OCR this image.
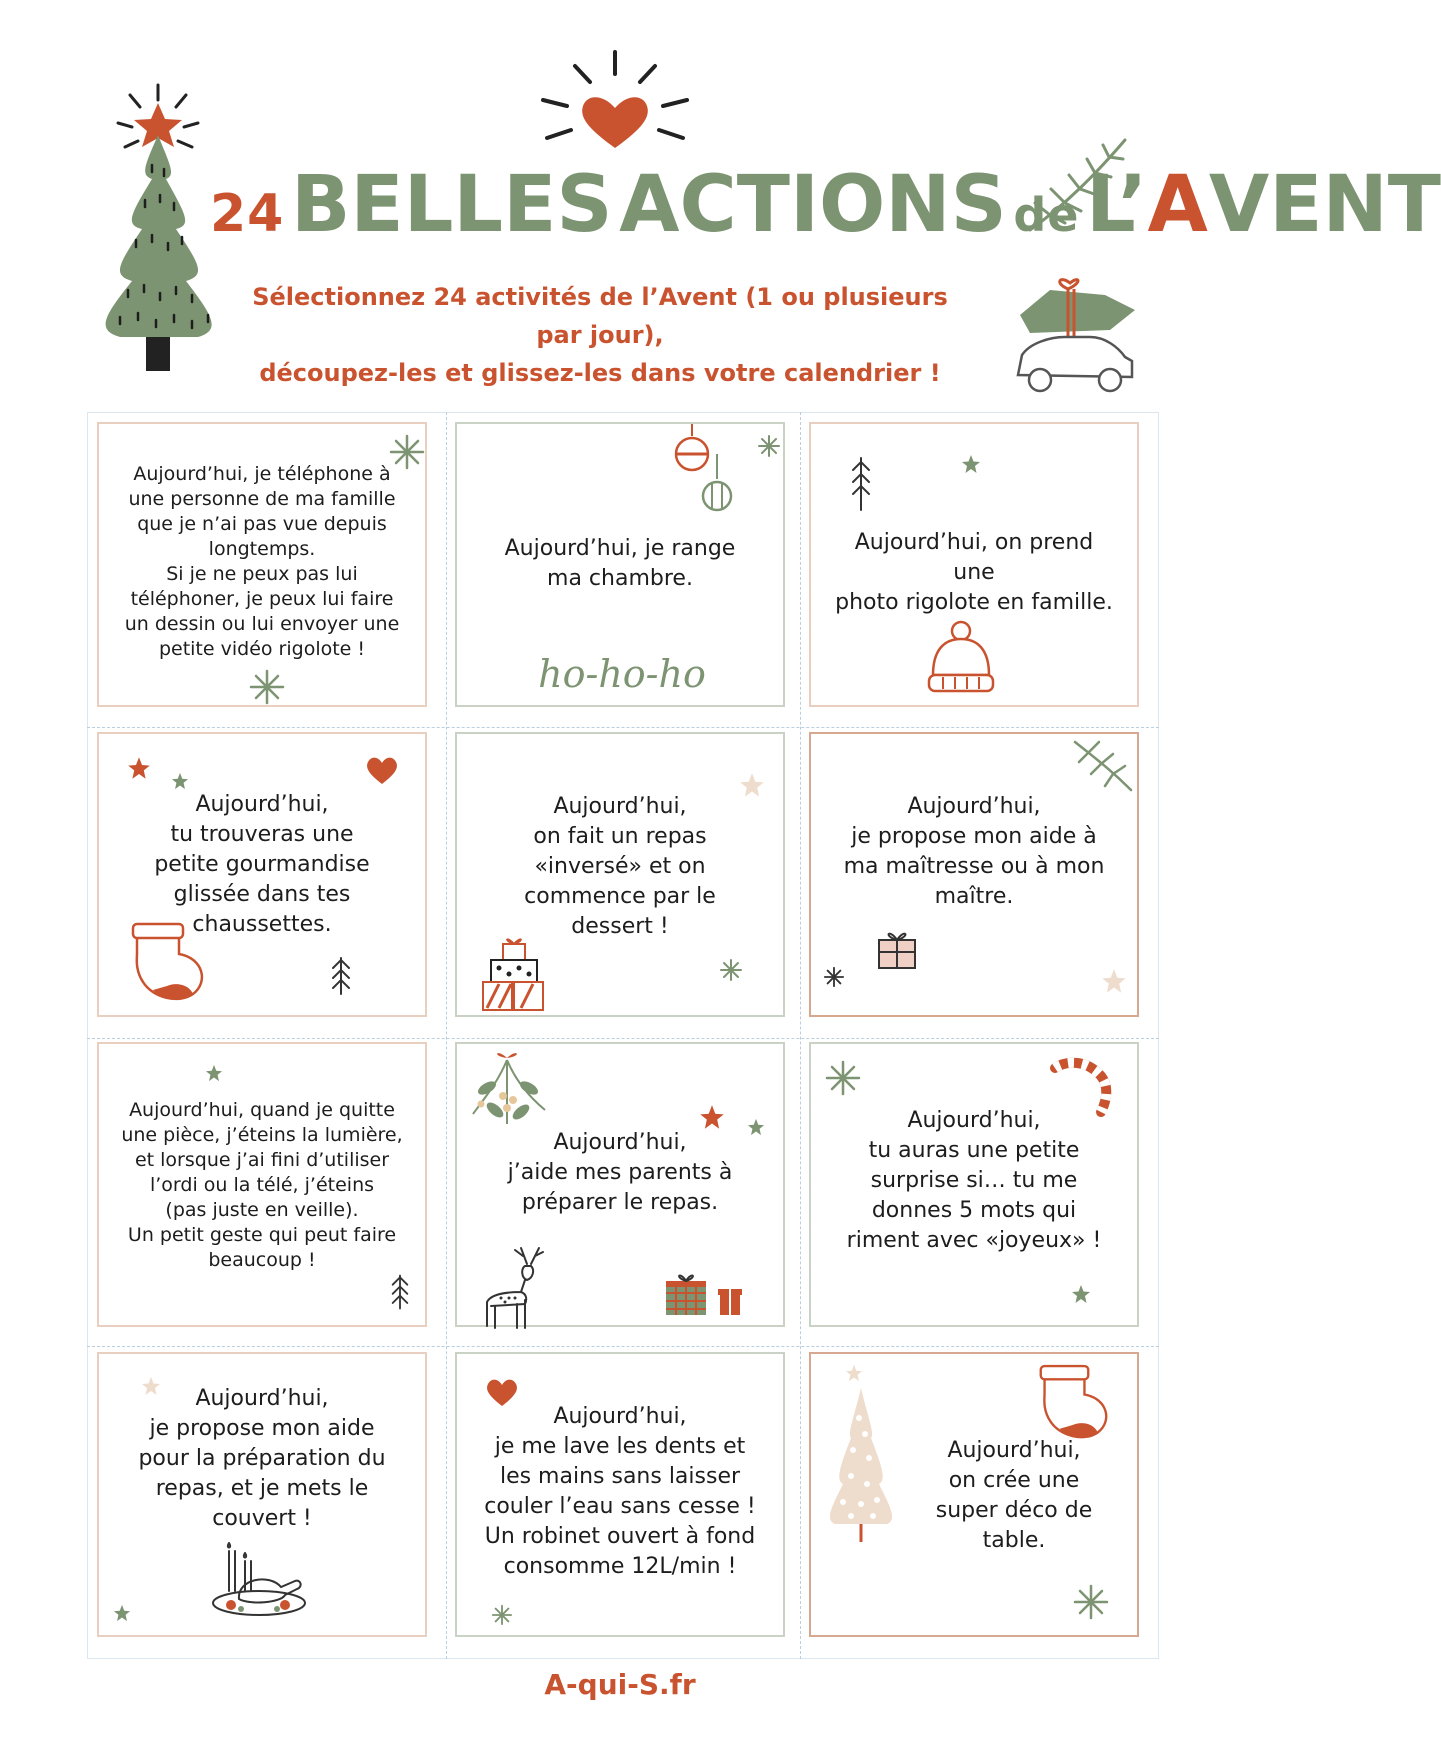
24 BELLES ACTIONS de L’AVENT
Sélectionnez 24 activités de l’Avent (1 ou plusieurs par jour),
découpez-les et glissez-les dans votre calendrier !
Aujourd’hui, je téléphone à
une personne de ma famille
que je n’ai pas vue depuis
longtemps.
Si je ne peux pas lui
téléphoner, je peux lui faire
un dessin ou lui envoyer une
petite vidéo rigolote !
Aujourd’hui, je range
ma chambre.
ho-ho-ho
Aujourd’hui, on prend une
photo rigolote en famille.
Aujourd’hui,
tu trouveras une
petite gourmandise
glissée dans tes
chaussettes.
Aujourd’hui,
on fait un repas
«inversé» et on
commence par le
dessert !
Aujourd’hui,
je propose mon aide à
ma maîtresse ou à mon
maître.
Aujourd’hui, quand je quitte
une pièce, j’éteins la lumière,
et lorsque j’ai fini d’utiliser
l’ordi ou la télé, j’éteins
(pas juste en veille).
Un petit geste qui peut faire
beaucoup !
Aujourd’hui,
j’aide mes parents à
préparer le repas.
Aujourd’hui,
tu auras une petite
surprise si… tu me
donnes 5 mots qui
riment avec «joyeux» !
Aujourd’hui,
je propose mon aide
pour la préparation du
repas, et je mets le
couvert !
Aujourd’hui,
je me lave les dents et
les mains sans laisser
couler l’eau sans cesse !
Un robinet ouvert à fond
consomme 12L/min !
Aujourd’hui,
on crée une
super déco de
table.
A-qui-S.fr
